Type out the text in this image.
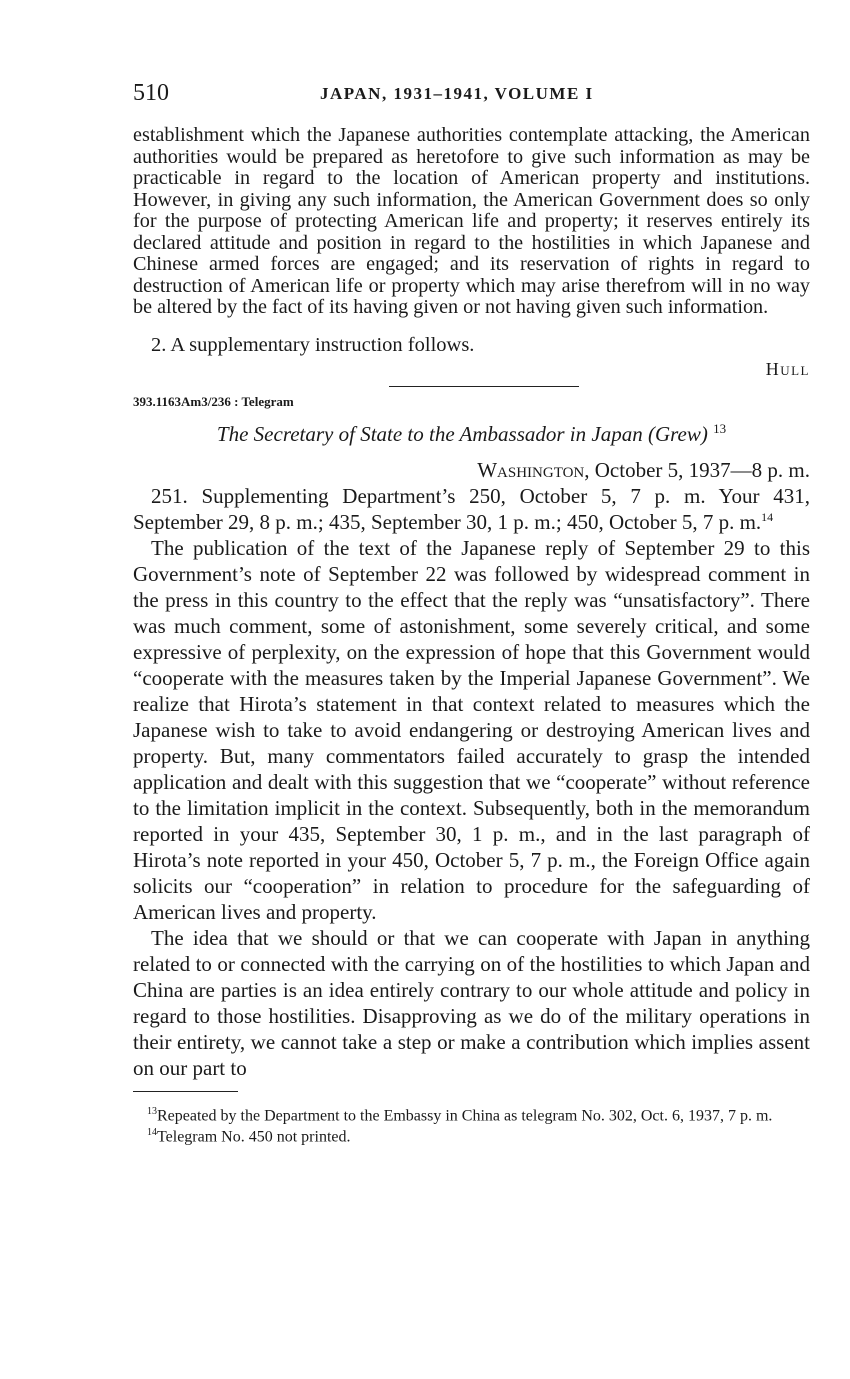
510	JAPAN, 1931–1941, VOLUME I

establishment which the Japanese authorities contemplate attacking, the American authorities would be prepared as heretofore to give such information as may be practicable in regard to the location of American property and institutions. However, in giving any such information, the American Government does so only for the purpose of protecting American life and property; it reserves entirely its declared attitude and position in regard to the hostilities in which Japanese and Chinese armed forces are engaged; and its reservation of rights in regard to destruction of American life or property which may arise therefrom will in no way be altered by the fact of its having given or not having given such information.

2. A supplementary instruction follows.

Hull
393.1163Am3/236 : Telegram
The Secretary of State to the Ambassador in Japan (Grew) $^{13}$
Washington, October 5, 1937—8 p. m.

251. Supplementing Department’s 250, October 5, 7 p. m. Your 431, September 29, 8 p. m.; 435, September 30, 1 p. m.; 450, October 5, 7 p. m.$^{14}$

The publication of the text of the Japanese reply of September 29 to this Government’s note of September 22 was followed by widespread comment in the press in this country to the effect that the reply was “unsatisfactory”. There was much comment, some of astonishment, some severely critical, and some expressive of perplexity, on the expression of hope that this Government would “cooperate with the measures taken by the Imperial Japanese Government”. We realize that Hirota’s statement in that context related to measures which the Japanese wish to take to avoid endangering or destroying American lives and property. But, many commentators failed accurately to grasp the intended application and dealt with this suggestion that we “cooperate” without reference to the limitation implicit in the context. Subsequently, both in the memorandum reported in your 435, September 30, 1 p. m., and in the last paragraph of Hirota’s note reported in your 450, October 5, 7 p. m., the Foreign Office again solicits our “cooperation” in relation to procedure for the safeguarding of American lives and property.

The idea that we should or that we can cooperate with Japan in anything related to or connected with the carrying on of the hostilities to which Japan and China are parties is an idea entirely contrary to our whole attitude and policy in regard to those hostilities. Disapproving as we do of the military operations in their entirety, we cannot take a step or make a contribution which implies assent on our part to

$^{13}$Repeated by the Department to the Embassy in China as telegram No. 302, Oct. 6, 1937, 7 p. m.

$^{14}$Telegram No. 450 not printed.
